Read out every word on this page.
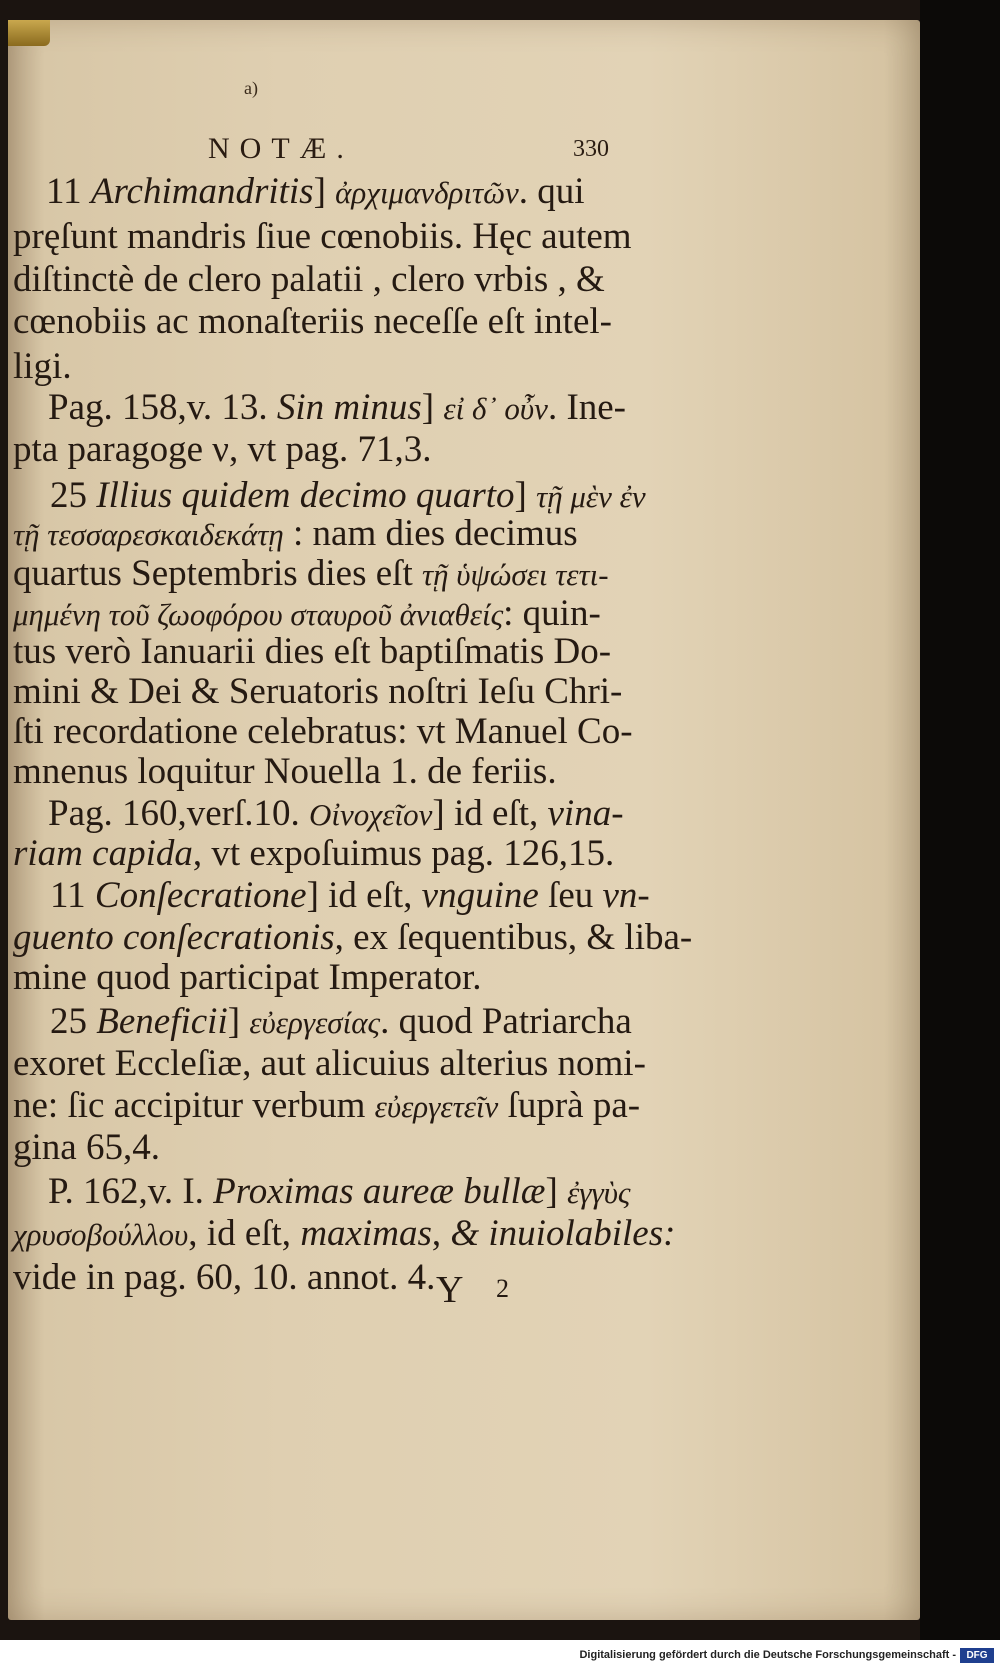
a)
NOTÆ.	330
11 Archimandritis] ἀρχιμανδριτῶν. qui
pręſunt mandris ſiue cœnobiis. Hęc autem
diſtinctè de clero palatii , clero vrbis , &
cœnobiis ac monaſteriis neceſſe eſt intel-
ligi.
Pag. 158,v. 13. Sin minus] εἰ δ᾽ οὖν. Ine-
pta paragoge ν, vt pag. 71,3.
25 Illius quidem decimo quarto] τῇ μὲν ἐν
τῇ τεσσαρεσκαιδεκάτῃ : nam dies decimus
quartus Septembris dies eſt τῇ ὑψώσει τετι-
μημένη τοῦ ζωοφόρου σταυροῦ ἀνιαθείς: quin-
tus verò Ianuarii dies eſt baptiſmatis Do-
mini & Dei & Seruatoris noſtri Ieſu Chri-
ſti recordatione celebratus: vt Manuel Co-
mnenus loquitur Nouella 1. de feriis.
Pag. 160,verſ.10. Οἰνοχεῖον] id eſt, vina-
riam capida, vt expoſuimus pag. 126,15.
11 Conſecratione] id eſt, vnguine ſeu vn-
guento conſecrationis, ex ſequentibus, & liba-
mine quod participat Imperator.
25 Beneficii] εὐεργεσίας. quod Patriarcha
exoret Eccleſiæ, aut alicuius alterius nomi-
ne: ſic accipitur verbum εὐεργετεῖν ſuprà pa-
gina 65,4.
P. 162,v. I. Proximas aureæ bullæ] ἐγγὺς
χρυσοβούλλου, id eſt, maximas, & inuiolabiles:
vide in pag. 60, 10. annot. 4. Y 2
Digitalisierung gefördert durch die Deutsche Forschungsgemeinschaft -	DFG
